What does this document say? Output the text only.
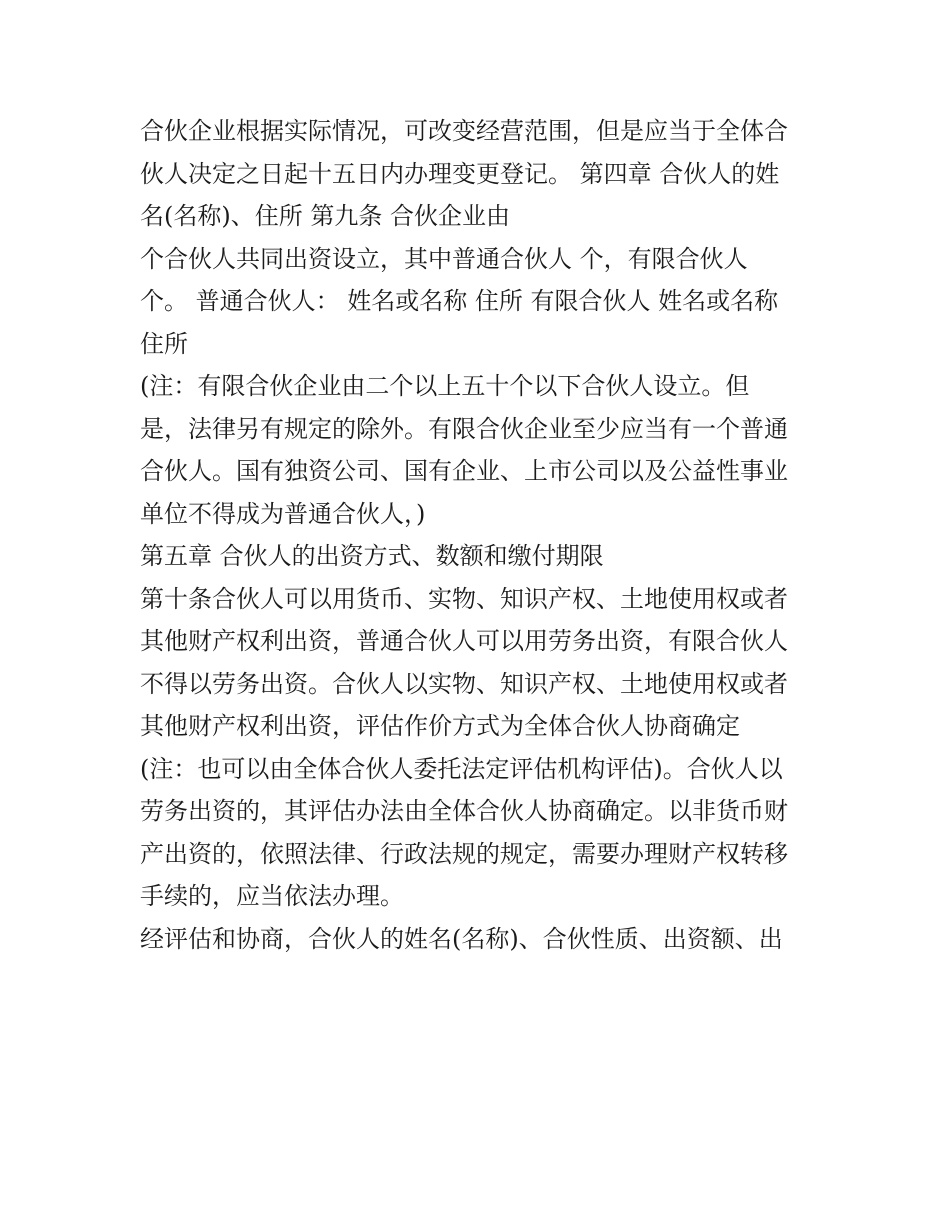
合伙企业根据实际情况，可改变经营范围，但是应当于全体合
伙人决定之日起十五日内办理变更登记。 第四章 合伙人的姓
名(名称)、住所 第九条 合伙企业由
个合伙人共同出资设立，其中普通合伙人 个，有限合伙人
个。 普通合伙人： 姓名或名称 住所 有限合伙人 姓名或名称
住所
(注：有限合伙企业由二个以上五十个以下合伙人设立。但
是，法律另有规定的除外。有限合伙企业至少应当有一个普通
合伙人。国有独资公司、国有企业、上市公司以及公益性事业
单位不得成为普通合伙人，)
第五章 合伙人的出资方式、数额和缴付期限
第十条合伙人可以用货币、实物、知识产权、土地使用权或者
其他财产权利出资，普通合伙人可以用劳务出资，有限合伙人
不得以劳务出资。合伙人以实物、知识产权、土地使用权或者
其他财产权利出资，评估作价方式为全体合伙人协商确定
(注：也可以由全体合伙人委托法定评估机构评估)。合伙人以
劳务出资的，其评估办法由全体合伙人协商确定。以非货币财
产出资的，依照法律、行政法规的规定，需要办理财产权转移
手续的，应当依法办理。
经评估和协商，合伙人的姓名(名称)、合伙性质、出资额、出
